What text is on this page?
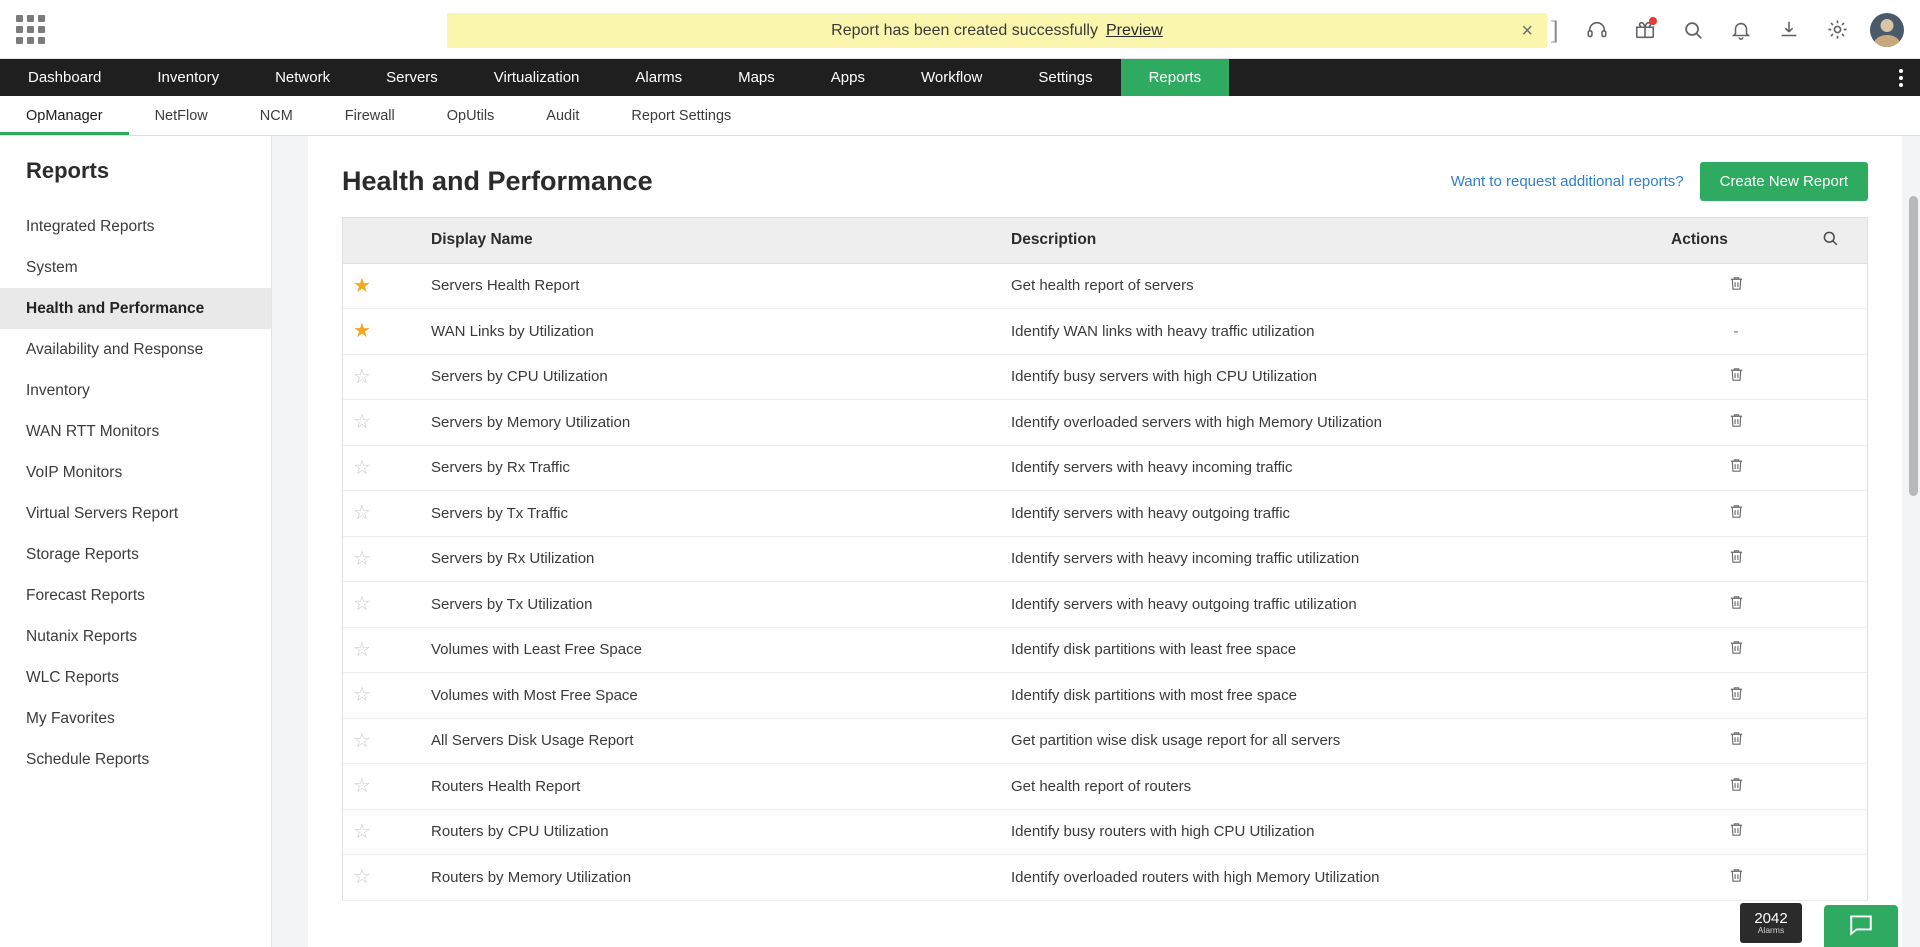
Report has been created successfully Preview	× ]
Dashboard	Inventory	Network	Servers	Virtualization	Alarms	Maps	Apps	Workflow	Settings	Reports
OpManager	NetFlow	NCM	Firewall	OpUtils	Audit	Report Settings
Reports
Integrated Reports
System
Health and Performance
Availability and Response
Inventory
WAN RTT Monitors
VoIP Monitors
Virtual Servers Report
Storage Reports
Forecast Reports
Nutanix Reports
WLC Reports
My Favorites
Schedule Reports
Health and Performance	Want to request additional reports?	Create New Report
	Display Name	Description	Actions	
★	Servers Health Report	Get health report of servers		
★	WAN Links by Utilization	Identify WAN links with heavy traffic utilization	-	
☆	Servers by CPU Utilization	Identify busy servers with high CPU Utilization		
☆	Servers by Memory Utilization	Identify overloaded servers with high Memory Utilization		
☆	Servers by Rx Traffic	Identify servers with heavy incoming traffic		
☆	Servers by Tx Traffic	Identify servers with heavy outgoing traffic		
☆	Servers by Rx Utilization	Identify servers with heavy incoming traffic utilization		
☆	Servers by Tx Utilization	Identify servers with heavy outgoing traffic utilization		
☆	Volumes with Least Free Space	Identify disk partitions with least free space		
☆	Volumes with Most Free Space	Identify disk partitions with most free space		
☆	All Servers Disk Usage Report	Get partition wise disk usage report for all servers		
☆	Routers Health Report	Get health report of routers		
☆	Routers by CPU Utilization	Identify busy routers with high CPU Utilization		
☆	Routers by Memory Utilization	Identify overloaded routers with high Memory Utilization		
2042
Alarms
